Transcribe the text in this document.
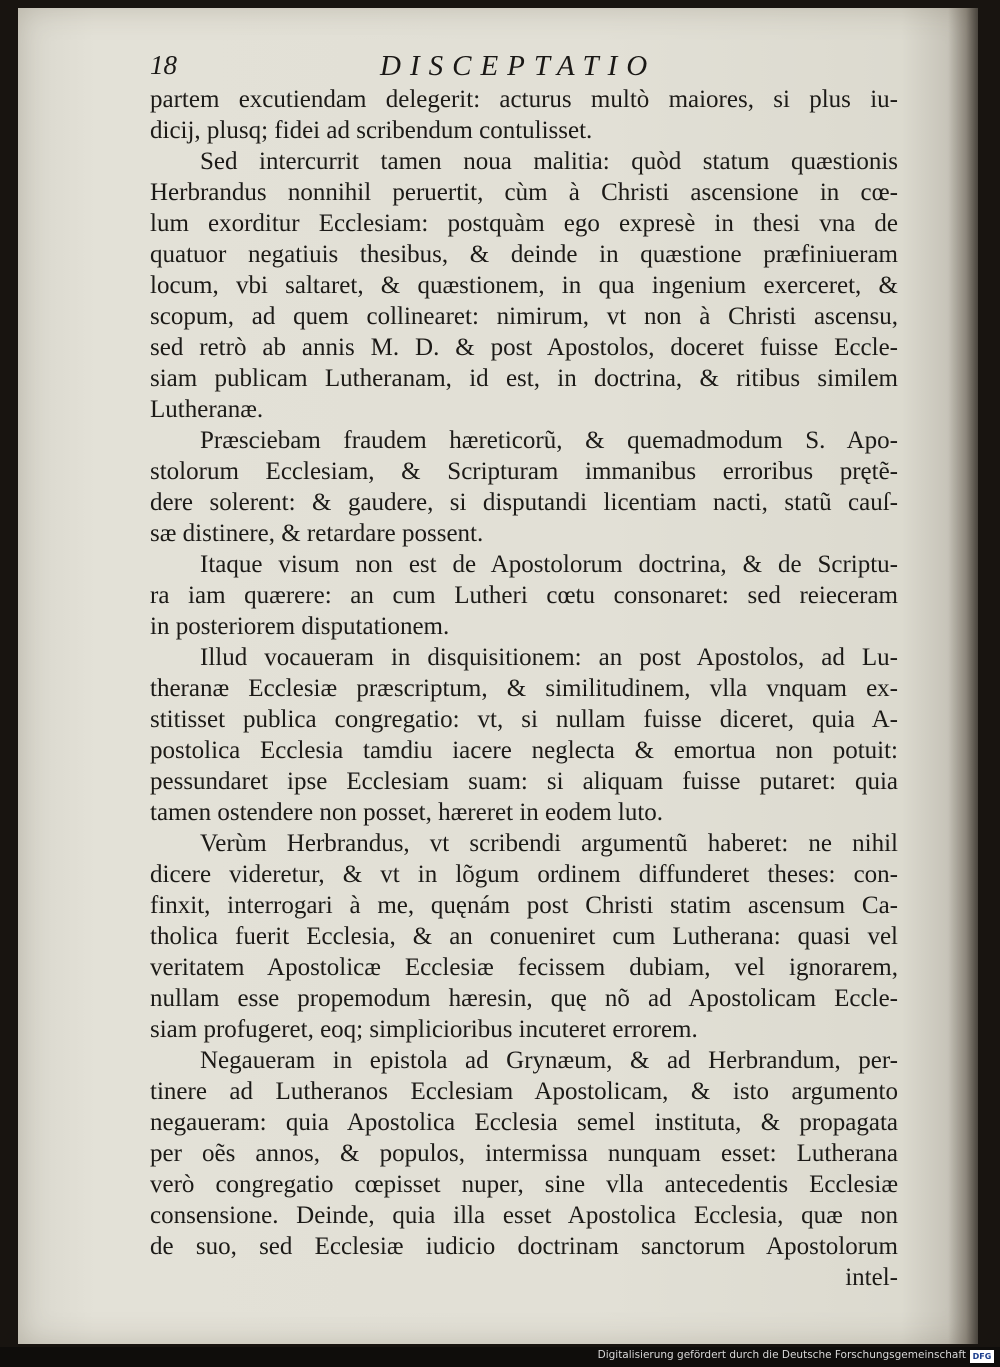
18	DISCEPTATIO
partem excutiendam delegerit: acturus multò maiores, si plus iu-
dicij, plusq; fidei ad scribendum contulisset.
Sed intercurrit tamen noua malitia: quòd statum quæstionis
Herbrandus nonnihil peruertit, cùm à Christi ascensione in cœ-
lum exorditur Ecclesiam: postquàm ego expresè in thesi vna de
quatuor negatiuis thesibus, & deinde in quæstione præfiniueram
locum, vbi saltaret, & quæstionem, in qua ingenium exerceret, &
scopum, ad quem collinearet: nimirum, vt non à Christi ascensu,
sed retrò ab annis M. D. & post Apostolos, doceret fuisse Eccle-
siam publicam Lutheranam, id est, in doctrina, & ritibus similem
Lutheranæ.
Præsciebam fraudem hæreticorũ, & quemadmodum S. Apo-
stolorum Ecclesiam, & Scripturam immanibus erroribus prętẽ-
dere solerent: & gaudere, si disputandi licentiam nacti, statũ cauſ-
sæ distinere, & retardare possent.
Itaque visum non est de Apostolorum doctrina, & de Scriptu-
ra iam quærere: an cum Lutheri cœtu consonaret: sed reieceram
in posteriorem disputationem.
Illud vocaueram in disquisitionem: an post Apostolos, ad Lu-
theranæ Ecclesiæ præscriptum, & similitudinem, vlla vnquam ex-
stitisset publica congregatio: vt, si nullam fuisse diceret, quia A-
postolica Ecclesia tamdiu iacere neglecta & emortua non potuit:
pessundaret ipse Ecclesiam suam: si aliquam fuisse putaret: quia
tamen ostendere non posset, hæreret in eodem luto.
Verùm Herbrandus, vt scribendi argumentũ haberet: ne nihil
dicere videretur, & vt in lõgum ordinem diffunderet theses: con-
finxit, interrogari à me, quęnám post Christi statim ascensum Ca-
tholica fuerit Ecclesia, & an conueniret cum Lutherana: quasi vel
veritatem Apostolicæ Ecclesiæ fecissem dubiam, vel ignorarem,
nullam esse propemodum hæresin, quę nõ ad Apostolicam Eccle-
siam profugeret, eoq; simplicioribus incuteret errorem.
Negaueram in epistola ad Grynæum, & ad Herbrandum, per-
tinere ad Lutheranos Ecclesiam Apostolicam, & isto argumento
negaueram: quia Apostolica Ecclesia semel instituta, & propagata
per oẽs annos, & populos, intermissa nunquam esset: Lutherana
verò congregatio cœpisset nuper, sine vlla antecedentis Ecclesiæ
consensione. Deinde, quia illa esset Apostolica Ecclesia, quæ non
de suo, sed Ecclesiæ iudicio doctrinam sanctorum Apostolorum
intel-
Digitalisierung gefördert durch die Deutsche Forschungsgemeinschaft DFG
